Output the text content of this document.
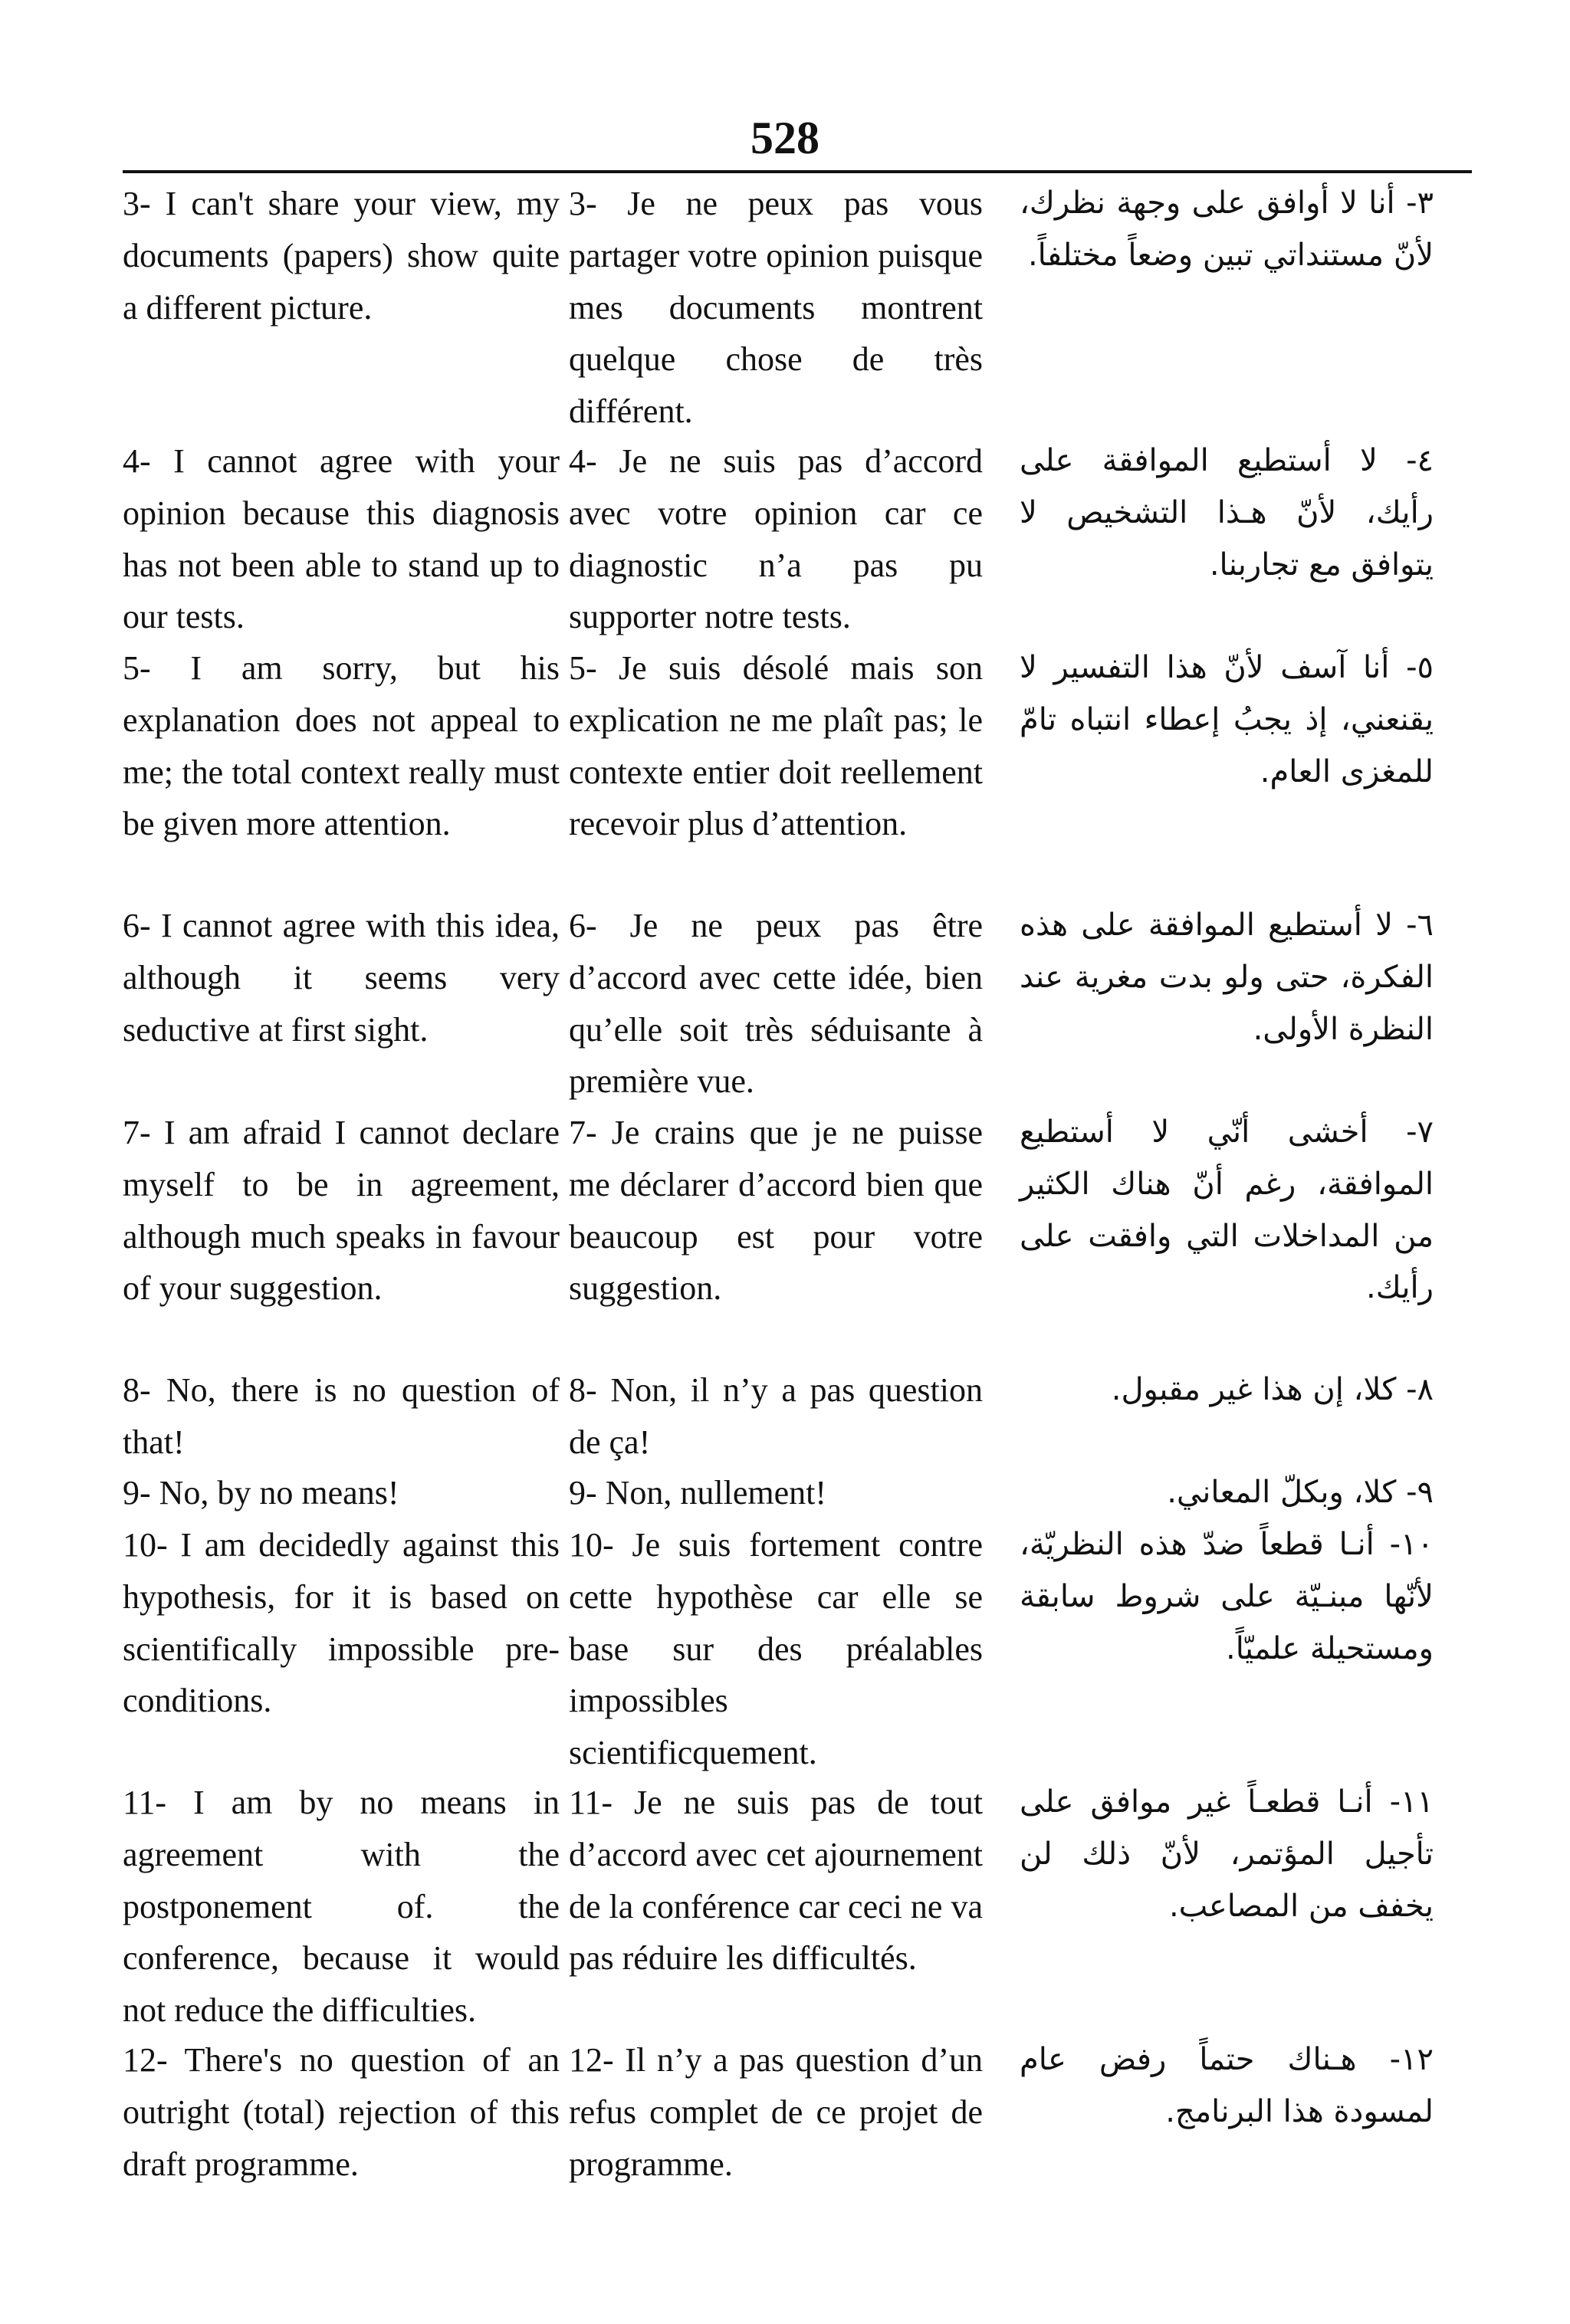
528
3- I can't share your view, my documents (papers) show quite a different picture.
3- Je ne peux pas vous partager votre opinion puisque mes documents montrent quelque chose de très différent.
٣- أنا لا أوافق على وجهة نظرك، لأنّ مستنداتي تبين وضعاً مختلفاً.
4- I cannot agree with your opinion because this diagnosis has not been able to stand up to our tests.
4- Je ne suis pas d’accord avec votre opinion car ce diagnostic n’a pas pu supporter notre tests.
٤- لا أستطيع الموافقة على رأيك، لأنّ هـذا التشخيص لا يتوافق مع تجاربنا.
5- I am sorry, but his explanation does not appeal to me; the total context really must be given more attention.
5- Je suis désolé mais son explication ne me plaît pas; le contexte entier doit reellement recevoir plus d’attention.
٥- أنا آسف لأنّ هذا التفسير لا يقنعني، إذ يجبُ إعطاء انتباه تامّ للمغزى العام.
6- I cannot agree with this idea, although it seems very seductive at first sight.
6- Je ne peux pas être d’accord avec cette idée, bien qu’elle soit très séduisante à première vue.
٦- لا أستطيع الموافقة على هذه الفكرة، حتى ولو بدت مغرية عند النظرة الأولى.
7- I am afraid I cannot declare myself to be in agreement, although much speaks in favour of your suggestion.
7- Je crains que je ne puisse me déclarer d’accord bien que beaucoup est pour votre suggestion.
٧- أخشى أنّي لا أستطيع الموافقة، رغم أنّ هناك الكثير من المداخلات التي وافقت على رأيك.
8- No, there is no question of that!
8- Non, il n’y a pas question de ça!
٨- كلا، إن هذا غير مقبول.
9- No, by no means!	9- Non, nullement!	٩- كلا، وبكلّ المعاني.
10- I am decidedly against this hypothesis, for it is based on scientifically impossible pre-conditions.
10- Je suis fortement contre cette hypothèse car elle se base sur des préalables impossibles scientificquement.
١٠- أنـا قطعاً ضدّ هذه النظريّة، لأنّها مبنـيّة على شروط سابقة ومستحيلة علميّاً.
11- I am by no means in agreement with the postponement of. the conference, because it would not reduce the difficulties.
11- Je ne suis pas de tout d’accord avec cet ajournement de la conférence car ceci ne va pas réduire les difficultés.
١١- أنـا قطعـاً غير موافق على تأجيل المؤتمر، لأنّ ذلك لن يخفف من المصاعب.
12- There's no question of an outright (total) rejection of this draft programme.
12- Il n’y a pas question d’un refus complet de ce projet de programme.
١٢- هـناك حتماً رفض عام لمسودة هذا البرنامج.
